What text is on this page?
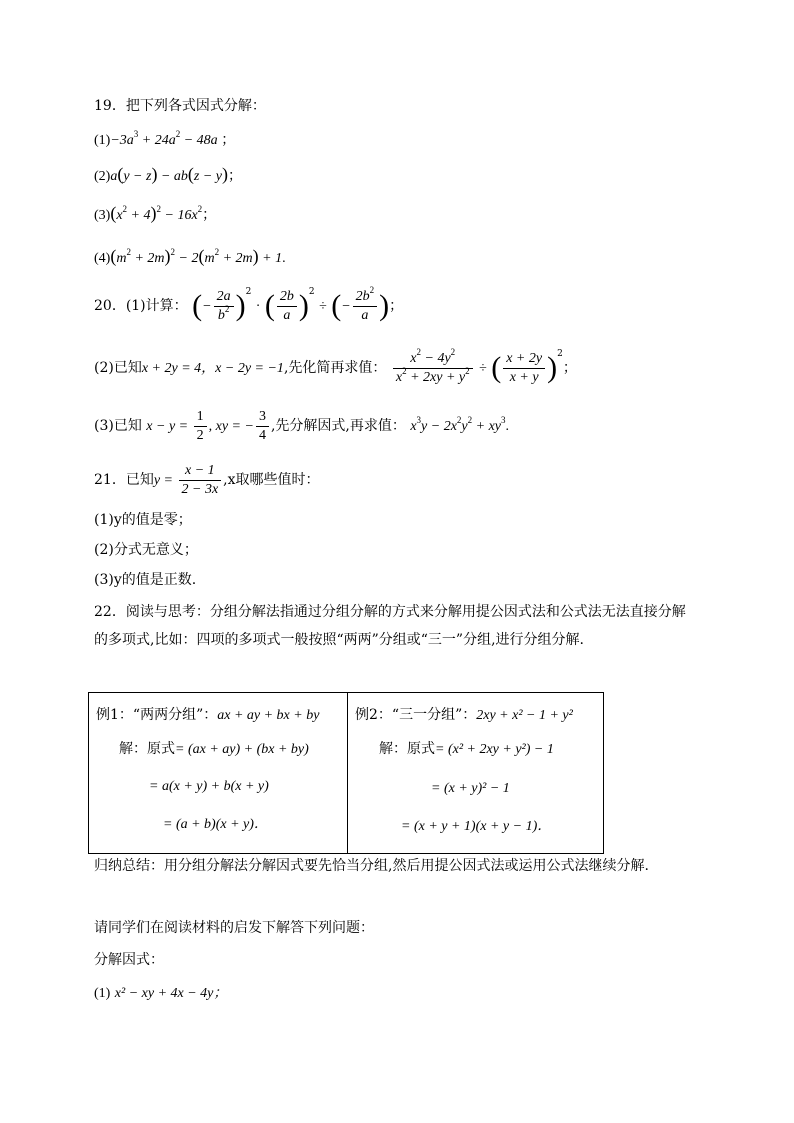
19．把下列各式因式分解：
$(1)-3a^3 + 24a^2 - 48a$ ；
(2)a(y − z) − ab(z − y)；
$(3)(x^2 + 4)^2 - 16x^2$；
$(4)(m^2 + 2m)^2 - 2(m^2 + 2m) + 1$.
20．(1)计算： (− $\frac{2a}{b^2} )^2$ · ( $\frac{2b}{a} )^2$ ÷ (− $\frac{2b^2}{a}$ )；
(2)已知x + 2y = 4，x − 2y = −1,先化简再求值： $\frac{x^2 - 4y^2}{x^2 + 2xy + y^2}$ ÷ ( $\frac{x + 2y}{x + y} )^2$；
(3)已知 $x - y = \frac{1}{2}$ , xy = − $\frac{3}{4}$ ,先分解因式,再求值： $x^3y - 2x^2y^2 + xy^3$.
21．已知$y = \frac{x - 1}{2 - 3x} ,x$取哪些值时：
(1)y的值是零；
(2)分式无意义；
(3)y的值是正数.
22．阅读与思考：分组分解法指通过分组分解的方式来分解用提公因式法和公式法无法直接分解的多项式,比如：四项的多项式一般按照“两两”分组或“三一”分组,进行分组分解.
例1：“两两分组”：ax + ay + bx + by
解：原式= (ax + ay) + (bx + by)
= a(x + y) + b(x + y)
= (a + b)(x + y)．
例2：“三一分组”：2xy + x² − 1 + y²
解：原式= (x² + 2xy + y²) − 1
= (x + y)² − 1
= (x + y + 1)(x + y − 1)．
归纳总结：用分组分解法分解因式要先恰当分组,然后用提公因式法或运用公式法继续分解.
请同学们在阅读材料的启发下解答下列问题：
分解因式：
(1) x² − xy + 4x − 4y；
